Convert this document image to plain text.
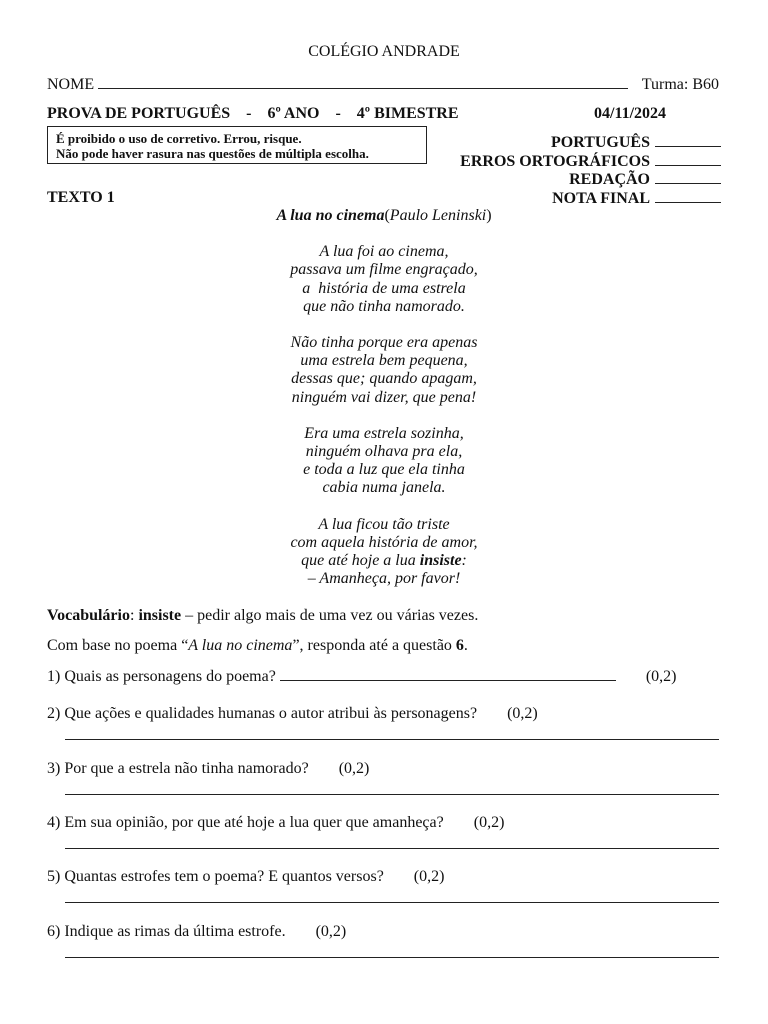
COLÉGIO ANDRADE
NOME	Turma: B60
PROVA DE PORTUGUÊS    -    6º ANO    -    4º BIMESTRE	04/11/2024
É proibido o uso de corretivo. Errou, risque.
Não pode haver rasura nas questões de múltipla escolha.
PORTUGUÊS
ERROS ORTOGRÁFICOS
REDAÇÃO
NOTA FINAL
TEXTO 1
A lua no cinema(Paulo Leninski)
A lua foi ao cinema,
passava um filme engraçado,
a  história de uma estrela
que não tinha namorado.
Não tinha porque era apenas
uma estrela bem pequena,
dessas que; quando apagam,
ninguém vai dizer, que pena!
Era uma estrela sozinha,
ninguém olhava pra ela,
e toda a luz que ela tinha
cabia numa janela.
A lua ficou tão triste
com aquela história de amor,
que até hoje a lua insiste:
– Amanheça, por favor!
Vocabulário: insiste – pedir algo mais de uma vez ou várias vezes.
Com base no poema “A lua no cinema”, responda até a questão 6.
1) Quais as personagens do poema?	(0,2)
2) Que ações e qualidades humanas o autor atribui às personagens? (0,2)
3) Por que a estrela não tinha namorado? (0,2)
4) Em sua opinião, por que até hoje a lua quer que amanheça? (0,2)
5) Quantas estrofes tem o poema? E quantos versos? (0,2)
6) Indique as rimas da última estrofe. (0,2)
